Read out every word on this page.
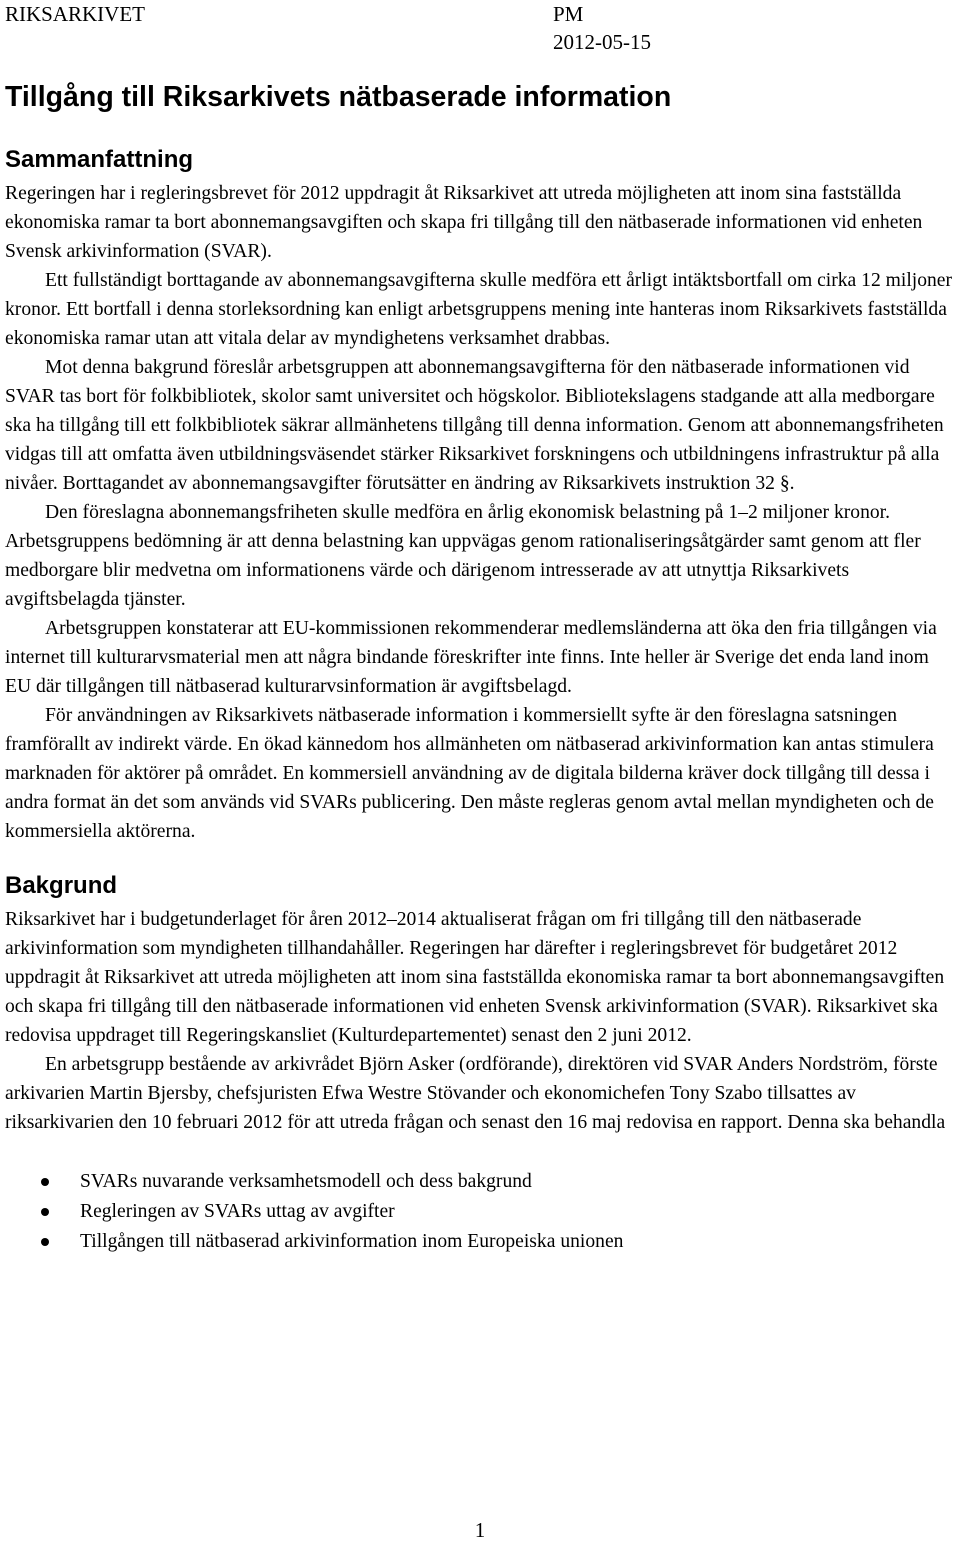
RIKSARKIVET	PM
2012-05-15
Tillgång till Riksarkivets nätbaserade information
Sammanfattning

Regeringen har i regleringsbrevet för 2012 uppdragit åt Riksarkivet att utreda möjligheten att inom sina fastställda ekonomiska ramar ta bort abonnemangsavgiften och skapa fri tillgång till den nätbaserade informationen vid enheten Svensk arkivinformation (SVAR).

Ett fullständigt borttagande av abonnemangsavgifterna skulle medföra ett årligt intäktsbortfall om cirka 12 miljoner kronor. Ett bortfall i denna storleksordning kan enligt arbetsgruppens mening inte hanteras inom Riksarkivets fastställda ekonomiska ramar utan att vitala delar av myndighetens verksamhet drabbas.

Mot denna bakgrund föreslår arbetsgruppen att abonnemangsavgifterna för den nätbaserade informationen vid SVAR tas bort för folkbibliotek, skolor samt universitet och högskolor. Bibliotekslagens stadgande att alla medborgare ska ha tillgång till ett folkbibliotek säkrar allmänhetens tillgång till denna information. Genom att abonnemangsfriheten vidgas till att omfatta även utbildningsväsendet stärker Riksarkivet forskningens och utbildningens infrastruktur på alla nivåer. Borttagandet av abonnemangsavgifter förutsätter en ändring av Riksarkivets instruktion 32 §.

Den föreslagna abonnemangsfriheten skulle medföra en årlig ekonomisk belastning på 1–2 miljoner kronor. Arbetsgruppens bedömning är att denna belastning kan uppvägas genom rationaliseringsåtgärder samt genom att fler medborgare blir medvetna om informationens värde och därigenom intresserade av att utnyttja Riksarkivets avgiftsbelagda tjänster.

Arbetsgruppen konstaterar att EU-kommissionen rekommenderar medlemsländerna att öka den fria tillgången via internet till kulturarvsmaterial men att några bindande föreskrifter inte finns. Inte heller är Sverige det enda land inom EU där tillgången till nätbaserad kulturarvsinformation är avgiftsbelagd.

För användningen av Riksarkivets nätbaserade information i kommersiellt syfte är den föreslagna satsningen framförallt av indirekt värde. En ökad kännedom hos allmänheten om nätbaserad arkivinformation kan antas stimulera marknaden för aktörer på området. En kommersiell användning av de digitala bilderna kräver dock tillgång till dessa i andra format än det som används vid SVARs publicering. Den måste regleras genom avtal mellan myndigheten och de kommersiella aktörerna.

Bakgrund

Riksarkivet har i budgetunderlaget för åren 2012–2014 aktualiserat frågan om fri tillgång till den nätbaserade arkivinformation som myndigheten tillhandahåller. Regeringen har därefter i regleringsbrevet för budgetåret 2012 uppdragit åt Riksarkivet att utreda möjligheten att inom sina fastställda ekonomiska ramar ta bort abonnemangsavgiften och skapa fri tillgång till den nätbaserade informationen vid enheten Svensk arkivinformation (SVAR). Riksarkivet ska redovisa uppdraget till Regeringskansliet (Kulturdepartementet) senast den 2 juni 2012.

En arbetsgrupp bestående av arkivrådet Björn Asker (ordförande), direktören vid SVAR Anders Nordström, förste arkivarien Martin Bjersby, chefsjuristen Efwa Westre Stövander och ekonomichefen Tony Szabo tillsattes av riksarkivarien den 10 februari 2012 för att utreda frågan och senast den 16 maj redovisa en rapport. Denna ska behandla

SVARs nuvarande verksamhetsmodell och dess bakgrund
Regleringen av SVARs uttag av avgifter
Tillgången till nätbaserad arkivinformation inom Europeiska unionen
1
